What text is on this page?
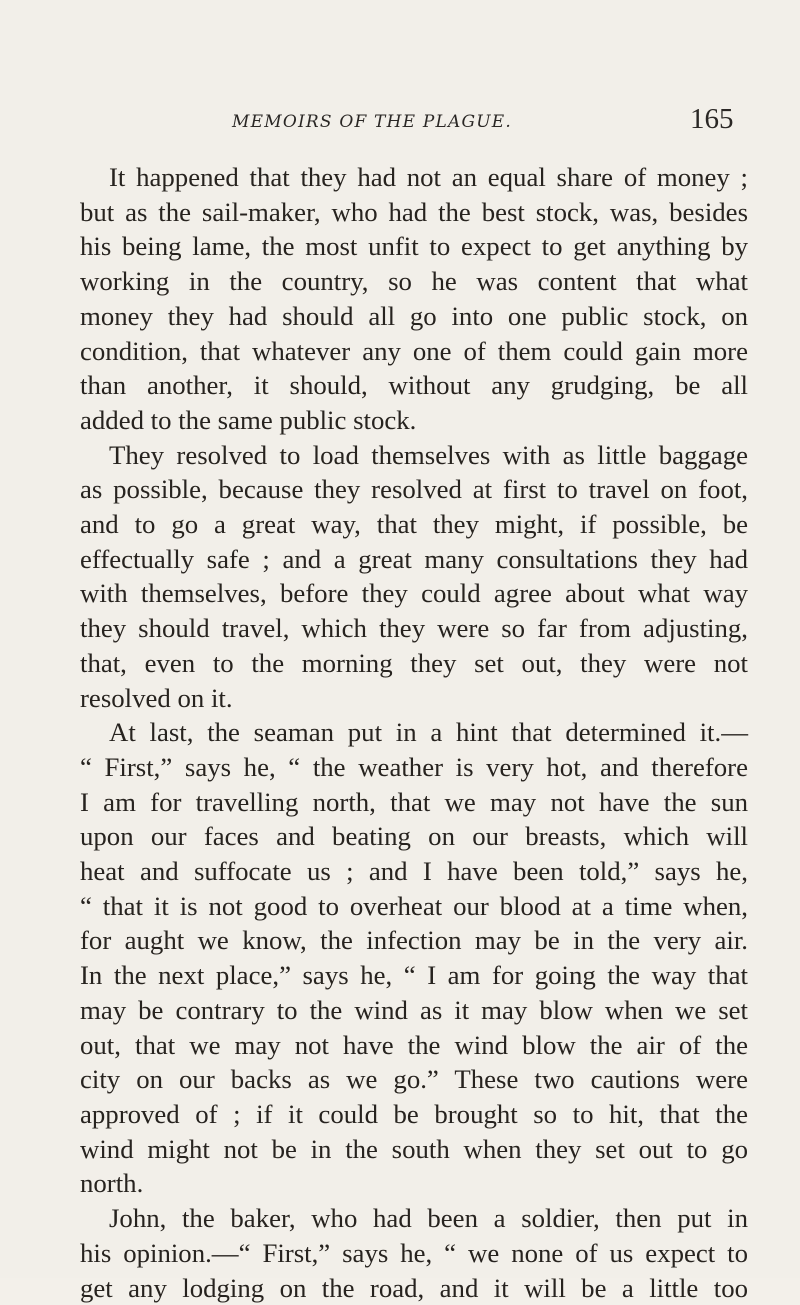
MEMOIRS OF THE PLAGUE.	165
It happened that they had not an equal share of money ;
but as the sail-maker, who had the best stock, was, besides
his being lame, the most unfit to expect to get anything by
working in the country, so he was content that what
money they had should all go into one public stock, on
condition, that whatever any one of them could gain more
than another, it should, without any grudging, be all
added to the same public stock.
They resolved to load themselves with as little baggage
as possible, because they resolved at first to travel on foot,
and to go a great way, that they might, if possible, be
effectually safe ; and a great many consultations they had
with themselves, before they could agree about what way
they should travel, which they were so far from adjusting,
that, even to the morning they set out, they were not
resolved on it.
At last, the seaman put in a hint that determined it.—
“ First,” says he, “ the weather is very hot, and therefore
I am for travelling north, that we may not have the sun
upon our faces and beating on our breasts, which will
heat and suffocate us ; and I have been told,” says he,
“ that it is not good to overheat our blood at a time when,
for aught we know, the infection may be in the very air.
In the next place,” says he, “ I am for going the way that
may be contrary to the wind as it may blow when we set
out, that we may not have the wind blow the air of the
city on our backs as we go.” These two cautions were
approved of ; if it could be brought so to hit, that the
wind might not be in the south when they set out to go
north.
John, the baker, who had been a soldier, then put in
his opinion.—“ First,” says he, “ we none of us expect to
get any lodging on the road, and it will be a little too
